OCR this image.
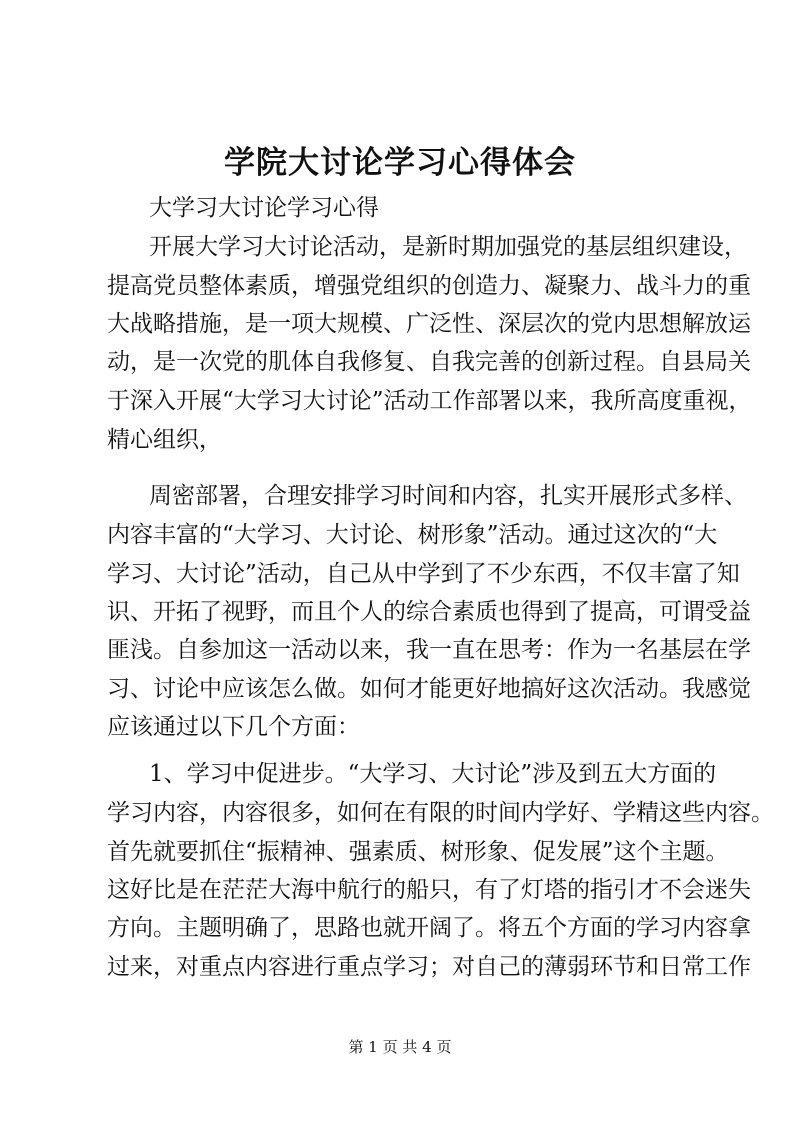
学院大讨论学习心得体会
大学习大讨论学习心得
开展大学习大讨论活动，是新时期加强党的基层组织建设，
提高党员整体素质，增强党组织的创造力、凝聚力、战斗力的重
大战略措施，是一项大规模、广泛性、深层次的党内思想解放运
动，是一次党的肌体自我修复、自我完善的创新过程。自县局关
于深入开展“大学习大讨论”活动工作部署以来，我所高度重视，
精心组织，
周密部署，合理安排学习时间和内容，扎实开展形式多样、
内容丰富的“大学习、大讨论、树形象”活动。通过这次的“大
学习、大讨论”活动，自己从中学到了不少东西，不仅丰富了知
识、开拓了视野，而且个人的综合素质也得到了提高，可谓受益
匪浅。自参加这一活动以来，我一直在思考：作为一名基层在学
习、讨论中应该怎么做。如何才能更好地搞好这次活动。我感觉
应该通过以下几个方面：
1、学习中促进步。“大学习、大讨论”涉及到五大方面的
学习内容，内容很多，如何在有限的时间内学好、学精这些内容。
首先就要抓住“振精神、强素质、树形象、促发展”这个主题。
这好比是在茫茫大海中航行的船只，有了灯塔的指引才不会迷失
方向。主题明确了，思路也就开阔了。将五个方面的学习内容拿
过来，对重点内容进行重点学习；对自己的薄弱环节和日常工作
第 1 页 共 4 页
